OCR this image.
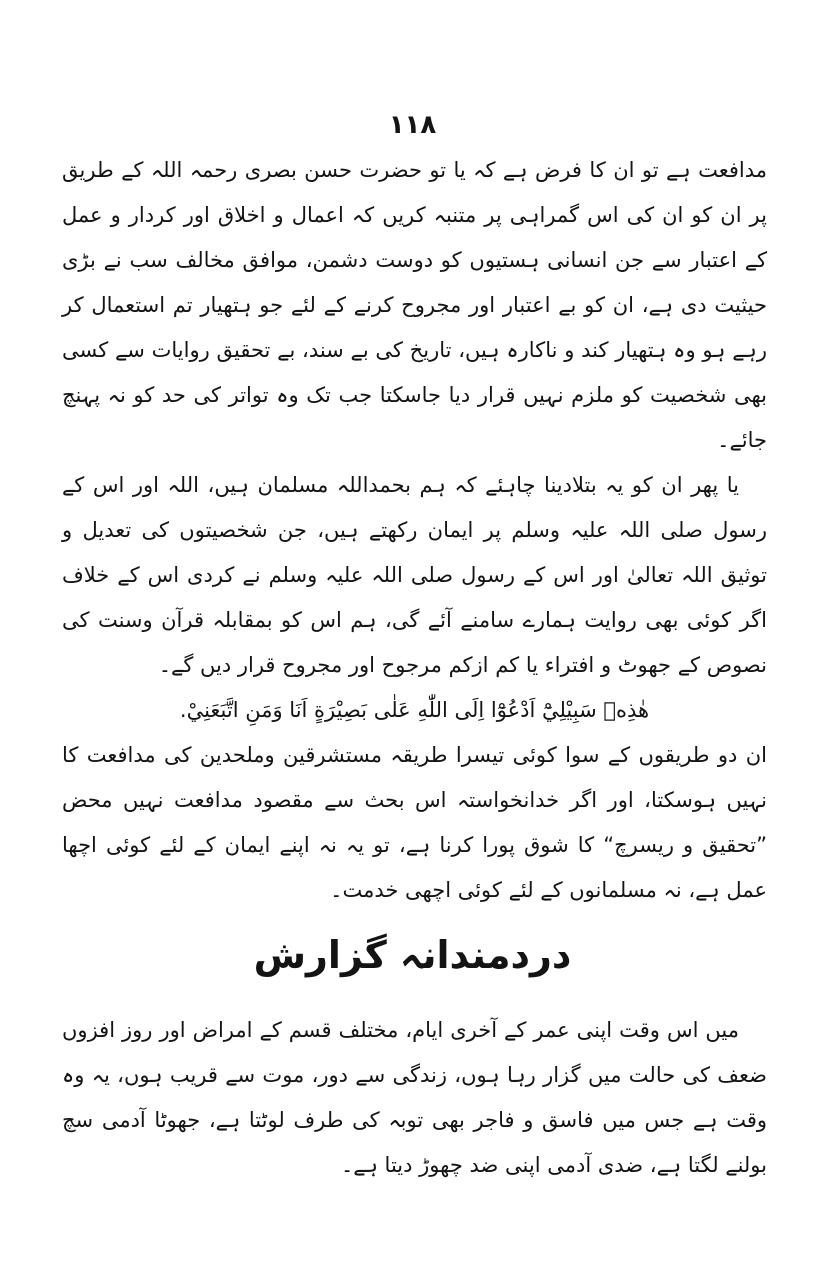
۱۱۸

مدافعت ہے تو ان کا فرض ہے کہ یا تو حضرت حسن بصری رحمہ اللہ کے طریق پر ان کو ان کی اس گمراہی پر متنبہ کریں کہ اعمال و اخلاق اور کردار و عمل کے اعتبار سے جن انسانی ہستیوں کو دوست دشمن، موافق مخالف سب نے بڑی حیثیت دی ہے، ان کو بے اعتبار اور مجروح کرنے کے لئے جو ہتھیار تم استعمال کر رہے ہو وہ ہتھیار کند و ناکارہ ہیں، تاریخ کی بے سند، بے تحقیق روایات سے کسی بھی شخصیت کو ملزم نہیں قرار دیا جاسکتا جب تک وہ تواتر کی حد کو نہ پہنچ جائے۔

یا پھر ان کو یہ بتلادینا چاہئے کہ ہم بحمداللہ مسلمان ہیں، اللہ اور اس کے رسول صلی اللہ علیہ وسلم پر ایمان رکھتے ہیں، جن شخصیتوں کی تعدیل و توثیق اللہ تعالیٰ اور اس کے رسول صلی اللہ علیہ وسلم نے کردی اس کے خلاف اگر کوئی بھی روایت ہمارے سامنے آئے گی، ہم اس کو بمقابلہ قرآن وسنت کی نصوص کے جھوٹ و افتراء یا کم ازکم مرجوح اور مجروح قرار دیں گے۔

هٰذِهٖ سَبِيْلِيْٓ اَدْعُوْٓا اِلَى اللّٰهِ عَلٰى بَصِيْرَةٍ اَنَا وَمَنِ اتَّبَعَنِيْ.

ان دو طریقوں کے سوا کوئی تیسرا طریقہ مستشرقین وملحدین کی مدافعت کا نہیں ہوسکتا، اور اگر خدانخواستہ اس بحث سے مقصود مدافعت نہیں محض ”تحقیق و ریسرچ“ کا شوق پورا کرنا ہے، تو یہ نہ اپنے ایمان کے لئے کوئی اچھا عمل ہے، نہ مسلمانوں کے لئے کوئی اچھی خدمت۔

دردمندانہ گزارش

میں اس وقت اپنی عمر کے آخری ایام، مختلف قسم کے امراض اور روز افزوں ضعف کی حالت میں گزار رہا ہوں، زندگی سے دور، موت سے قریب ہوں، یہ وہ وقت ہے جس میں فاسق و فاجر بھی توبہ کی طرف لوٹتا ہے، جھوٹا آدمی سچ بولنے لگتا ہے، ضدی آدمی اپنی ضد چھوڑ دیتا ہے۔
